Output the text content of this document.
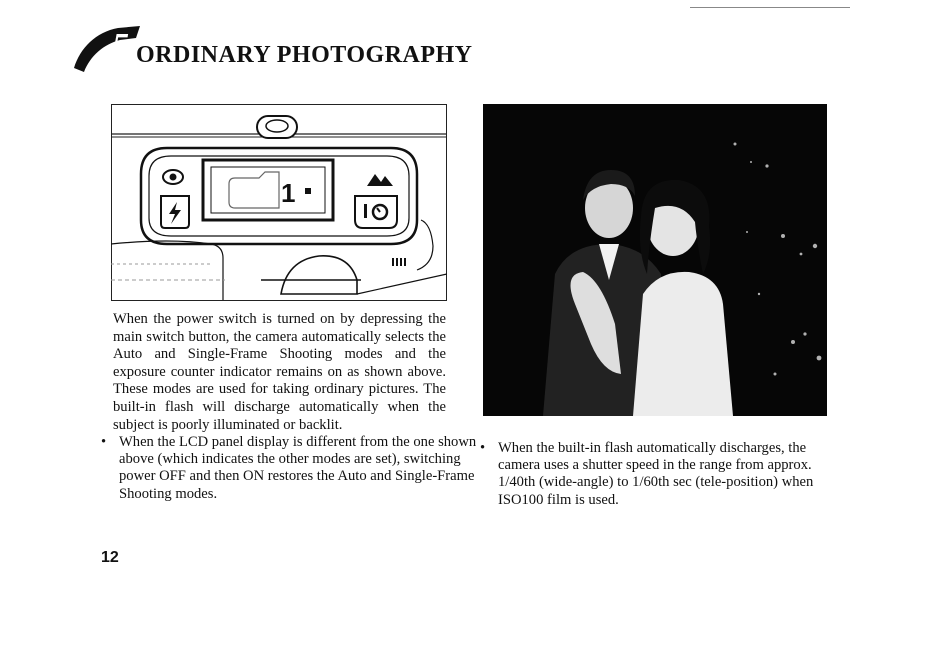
5 ORDINARY PHOTOGRAPHY
1

When the power switch is turned on by depressing the main switch button, the camera automatically selects the Auto and Single-Frame Shooting modes and the exposure counter indicator remains on as shown above. These modes are used for taking ordinary pictures. The built-in flash will discharge automatically when the subject is poorly illuminated or backlit.

• When the LCD panel display is different from the one shown above (which indicates the other modes are set), switching power OFF and then ON restores the Auto and Single-Frame Shooting modes.

• When the built-in flash automatically discharges, the camera uses a shutter speed in the range from approx. 1/40th (wide-angle) to 1/60th sec (tele-position) when ISO100 film is used.

12
